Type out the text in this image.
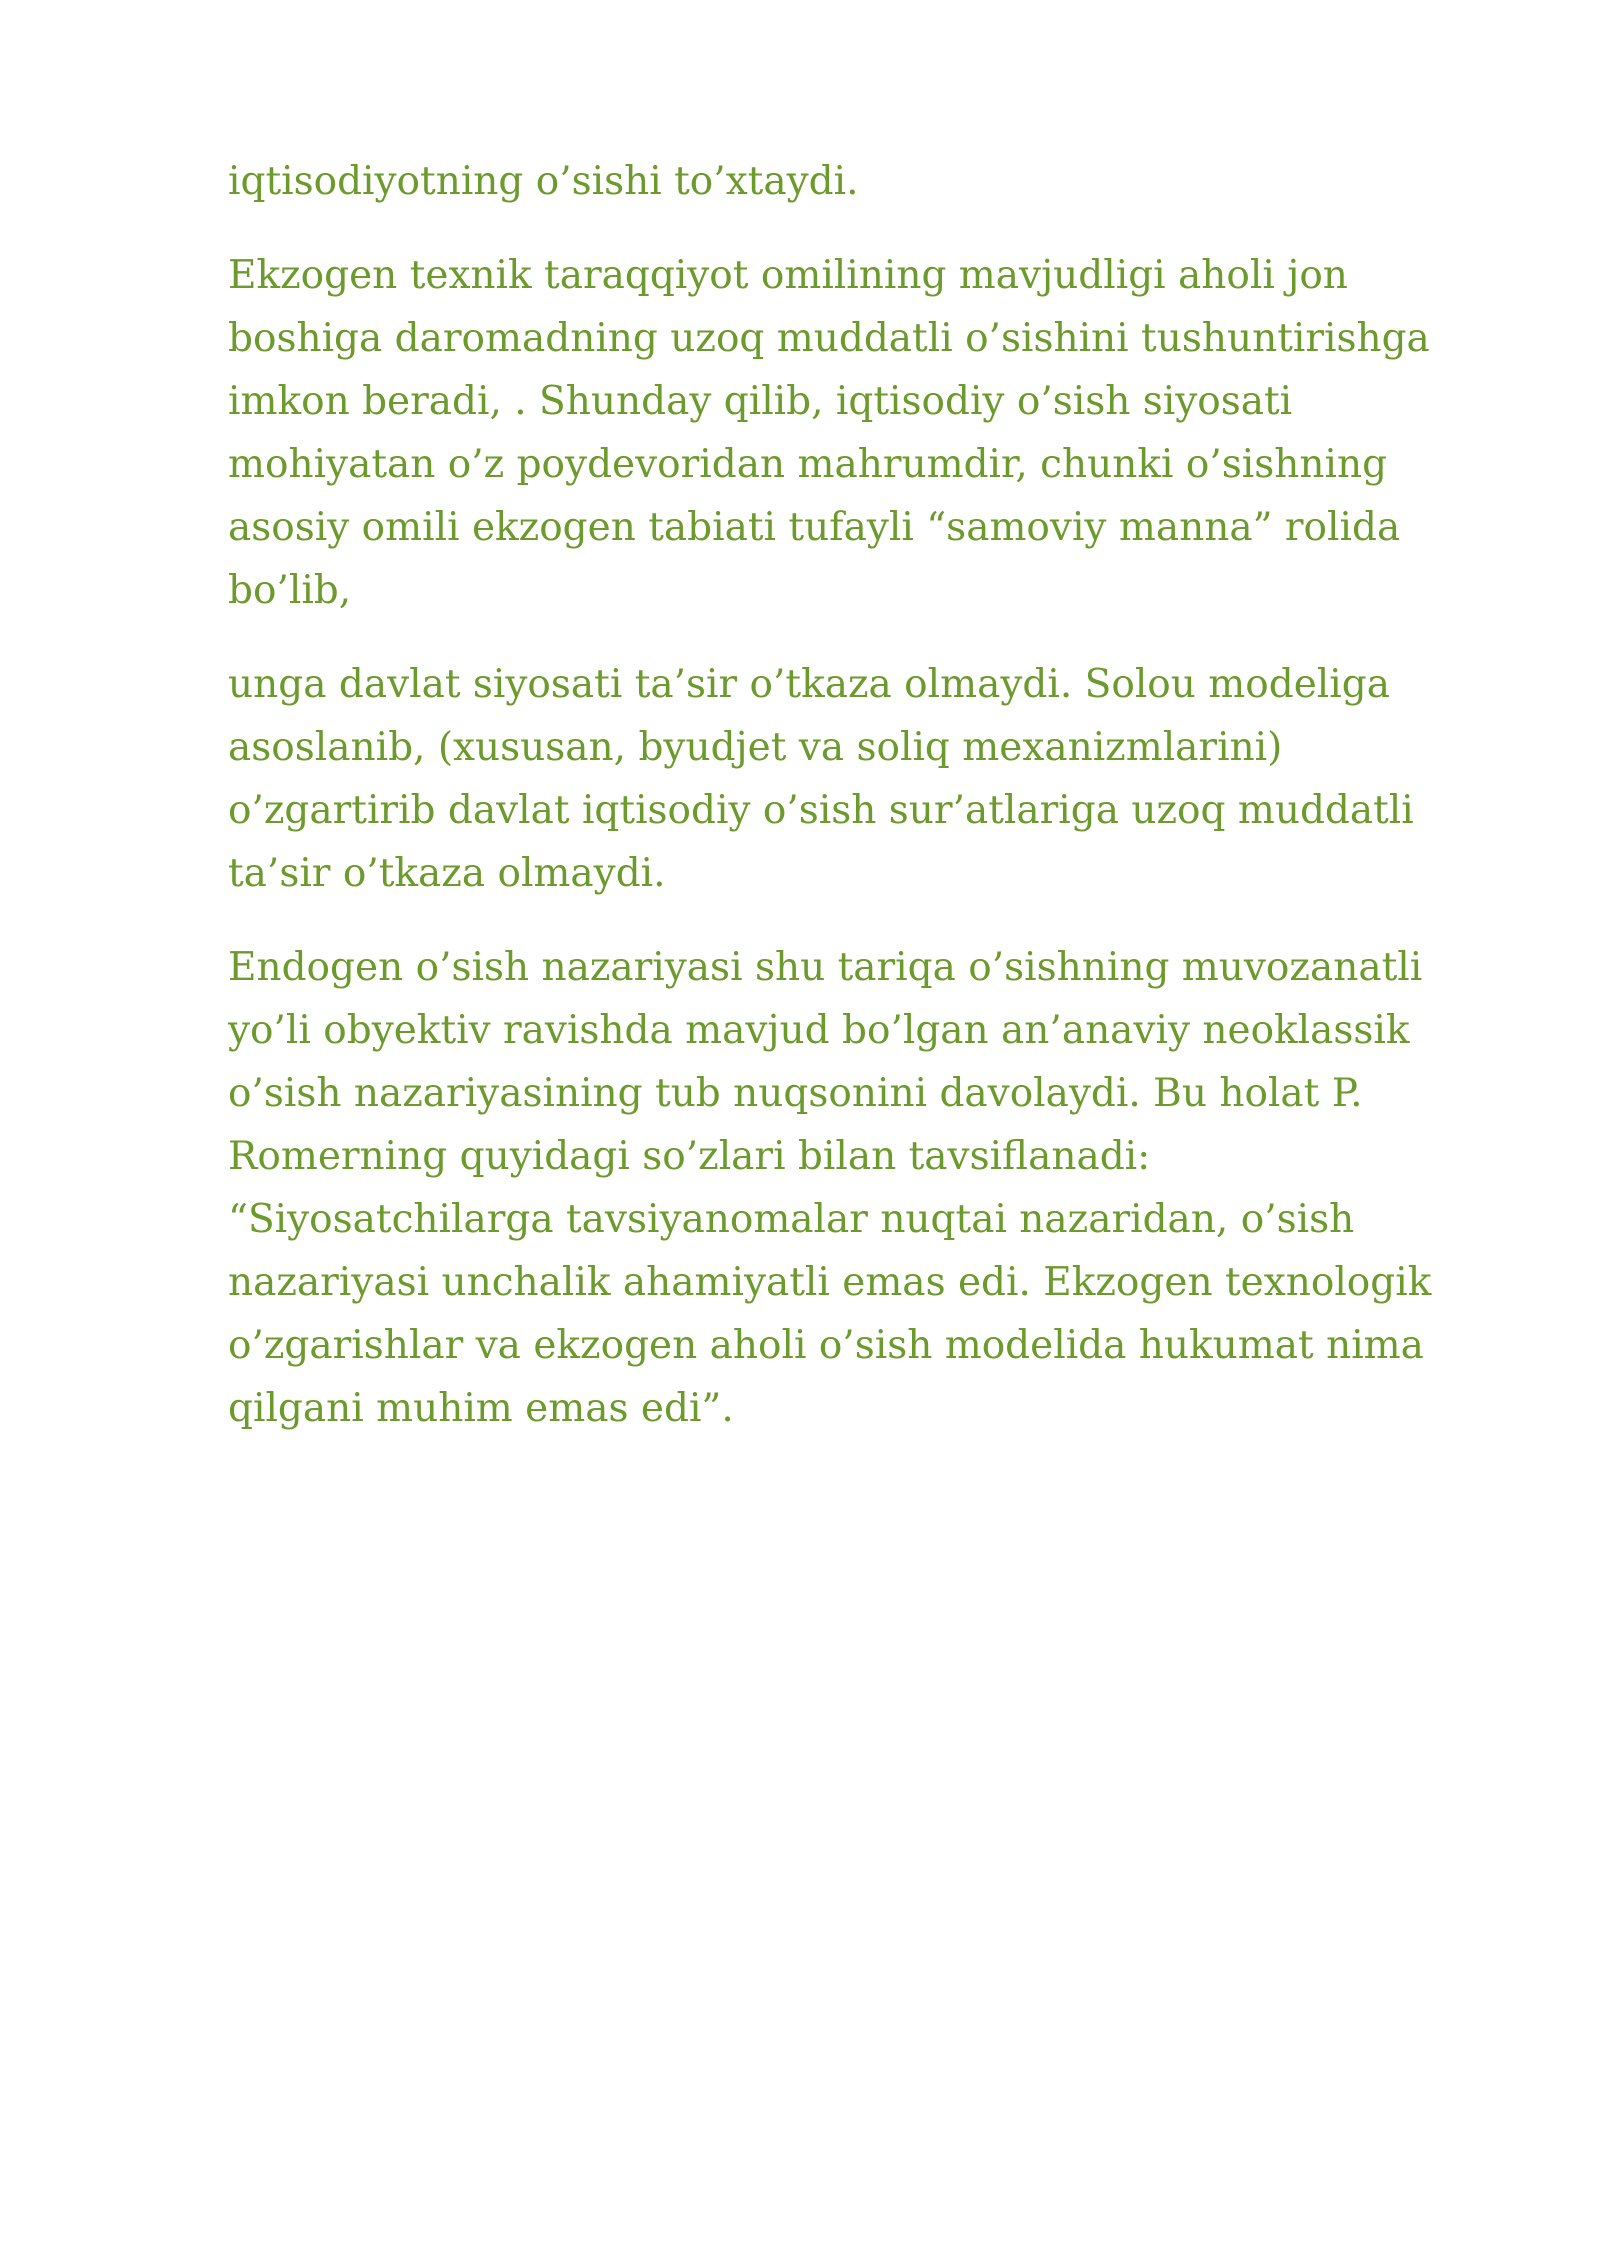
iqtisodiyotning o’sishi to’xtaydi.

Ekzogen texnik taraqqiyot omilining mavjudligi aholi jon
boshiga daromadning uzoq muddatli o’sishini tushuntirishga
imkon beradi, . Shunday qilib, iqtisodiy o’sish siyosati
mohiyatan o’z poydevoridan mahrumdir, chunki o’sishning
asosiy omili ekzogen tabiati tufayli “samoviy manna” rolida
bo’lib,

unga davlat siyosati ta’sir o’tkaza olmaydi. Solou modeliga
asoslanib, (xususan, byudjet va soliq mexanizmlarini)
o’zgartirib davlat iqtisodiy o’sish sur’atlariga uzoq muddatli
ta’sir o’tkaza olmaydi.

Endogen o’sish nazariyasi shu tariqa o’sishning muvozanatli
yo’li obyektiv ravishda mavjud bo’lgan an’anaviy neoklassik
o’sish nazariyasining tub nuqsonini davolaydi. Bu holat P.
Romerning quyidagi so’zlari bilan tavsiflanadi:
“Siyosatchilarga tavsiyanomalar nuqtai nazaridan, o’sish
nazariyasi unchalik ahamiyatli emas edi. Ekzogen texnologik
o’zgarishlar va ekzogen aholi o’sish modelida hukumat nima
qilgani muhim emas edi”.
